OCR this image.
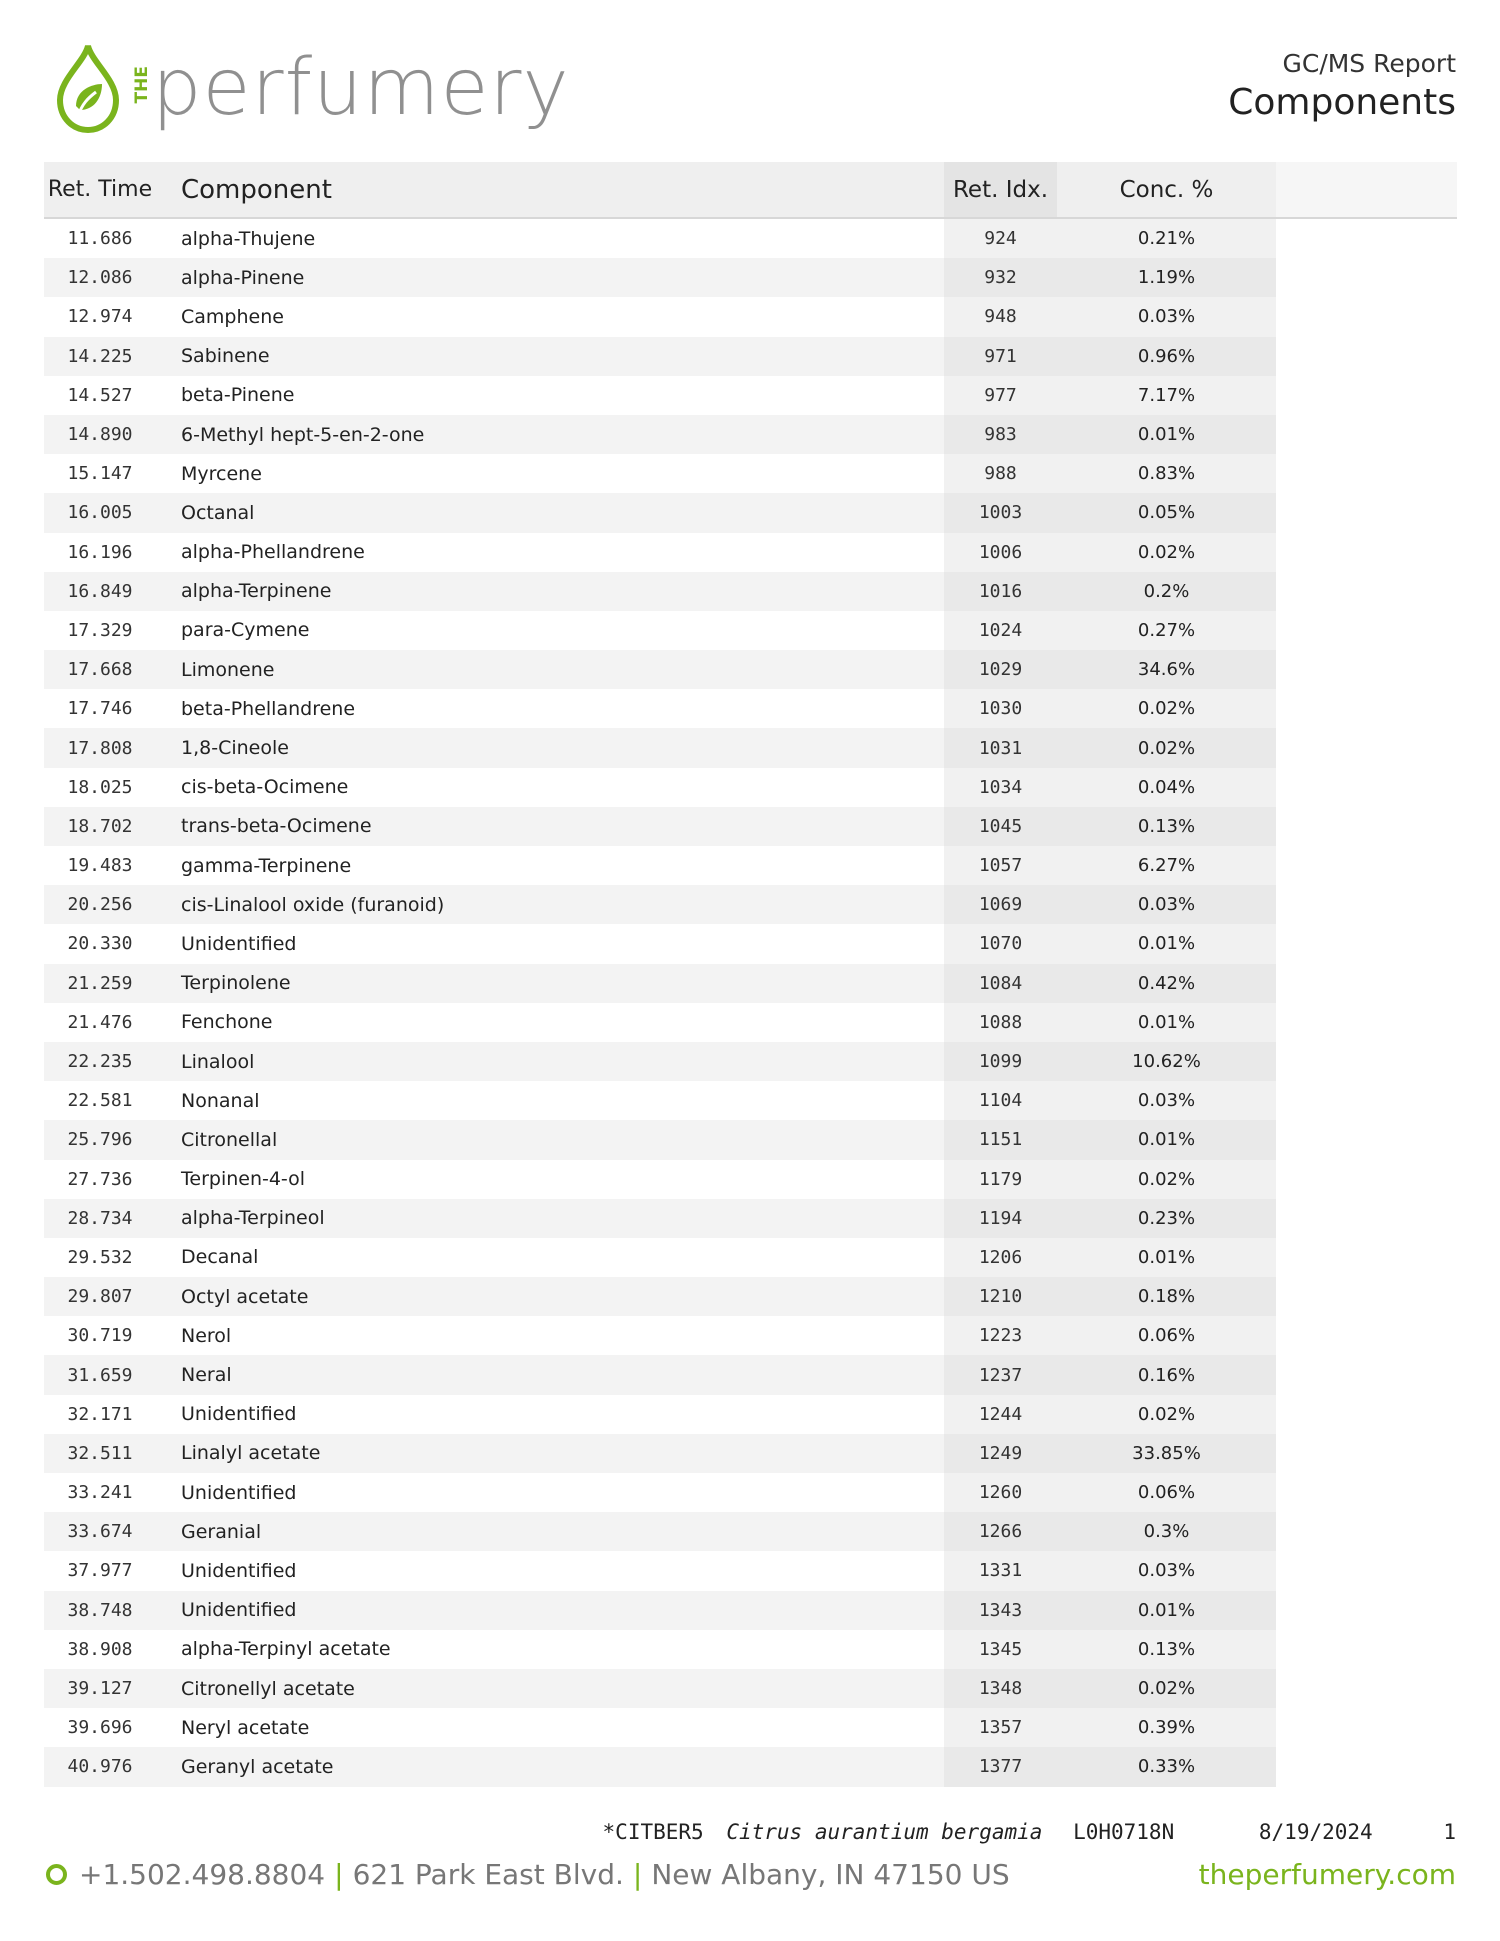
THE perfumery	GC/MS Report
Components
Ret. Time	Component	Ret. Idx.	Conc. %
11.686	alpha-Thujene	924	0.21%
12.086	alpha-Pinene	932	1.19%
12.974	Camphene	948	0.03%
14.225	Sabinene	971	0.96%
14.527	beta-Pinene	977	7.17%
14.890	6-Methyl hept-5-en-2-one	983	0.01%
15.147	Myrcene	988	0.83%
16.005	Octanal	1003	0.05%
16.196	alpha-Phellandrene	1006	0.02%
16.849	alpha-Terpinene	1016	0.2%
17.329	para-Cymene	1024	0.27%
17.668	Limonene	1029	34.6%
17.746	beta-Phellandrene	1030	0.02%
17.808	1,8-Cineole	1031	0.02%
18.025	cis-beta-Ocimene	1034	0.04%
18.702	trans-beta-Ocimene	1045	0.13%
19.483	gamma-Terpinene	1057	6.27%
20.256	cis-Linalool oxide (furanoid)	1069	0.03%
20.330	Unidentified	1070	0.01%
21.259	Terpinolene	1084	0.42%
21.476	Fenchone	1088	0.01%
22.235	Linalool	1099	10.62%
22.581	Nonanal	1104	0.03%
25.796	Citronellal	1151	0.01%
27.736	Terpinen-4-ol	1179	0.02%
28.734	alpha-Terpineol	1194	0.23%
29.532	Decanal	1206	0.01%
29.807	Octyl acetate	1210	0.18%
30.719	Nerol	1223	0.06%
31.659	Neral	1237	0.16%
32.171	Unidentified	1244	0.02%
32.511	Linalyl acetate	1249	33.85%
33.241	Unidentified	1260	0.06%
33.674	Geranial	1266	0.3%
37.977	Unidentified	1331	0.03%
38.748	Unidentified	1343	0.01%
38.908	alpha-Terpinyl acetate	1345	0.13%
39.127	Citronellyl acetate	1348	0.02%
39.696	Neryl acetate	1357	0.39%
40.976	Geranyl acetate	1377	0.33%
*CITBER5 Citrus aurantium bergamia L0H0718N	8/19/2024	1
+1.502.498.8804 | 621 Park East Blvd. | New Albany, IN 47150 US	theperfumery.com
